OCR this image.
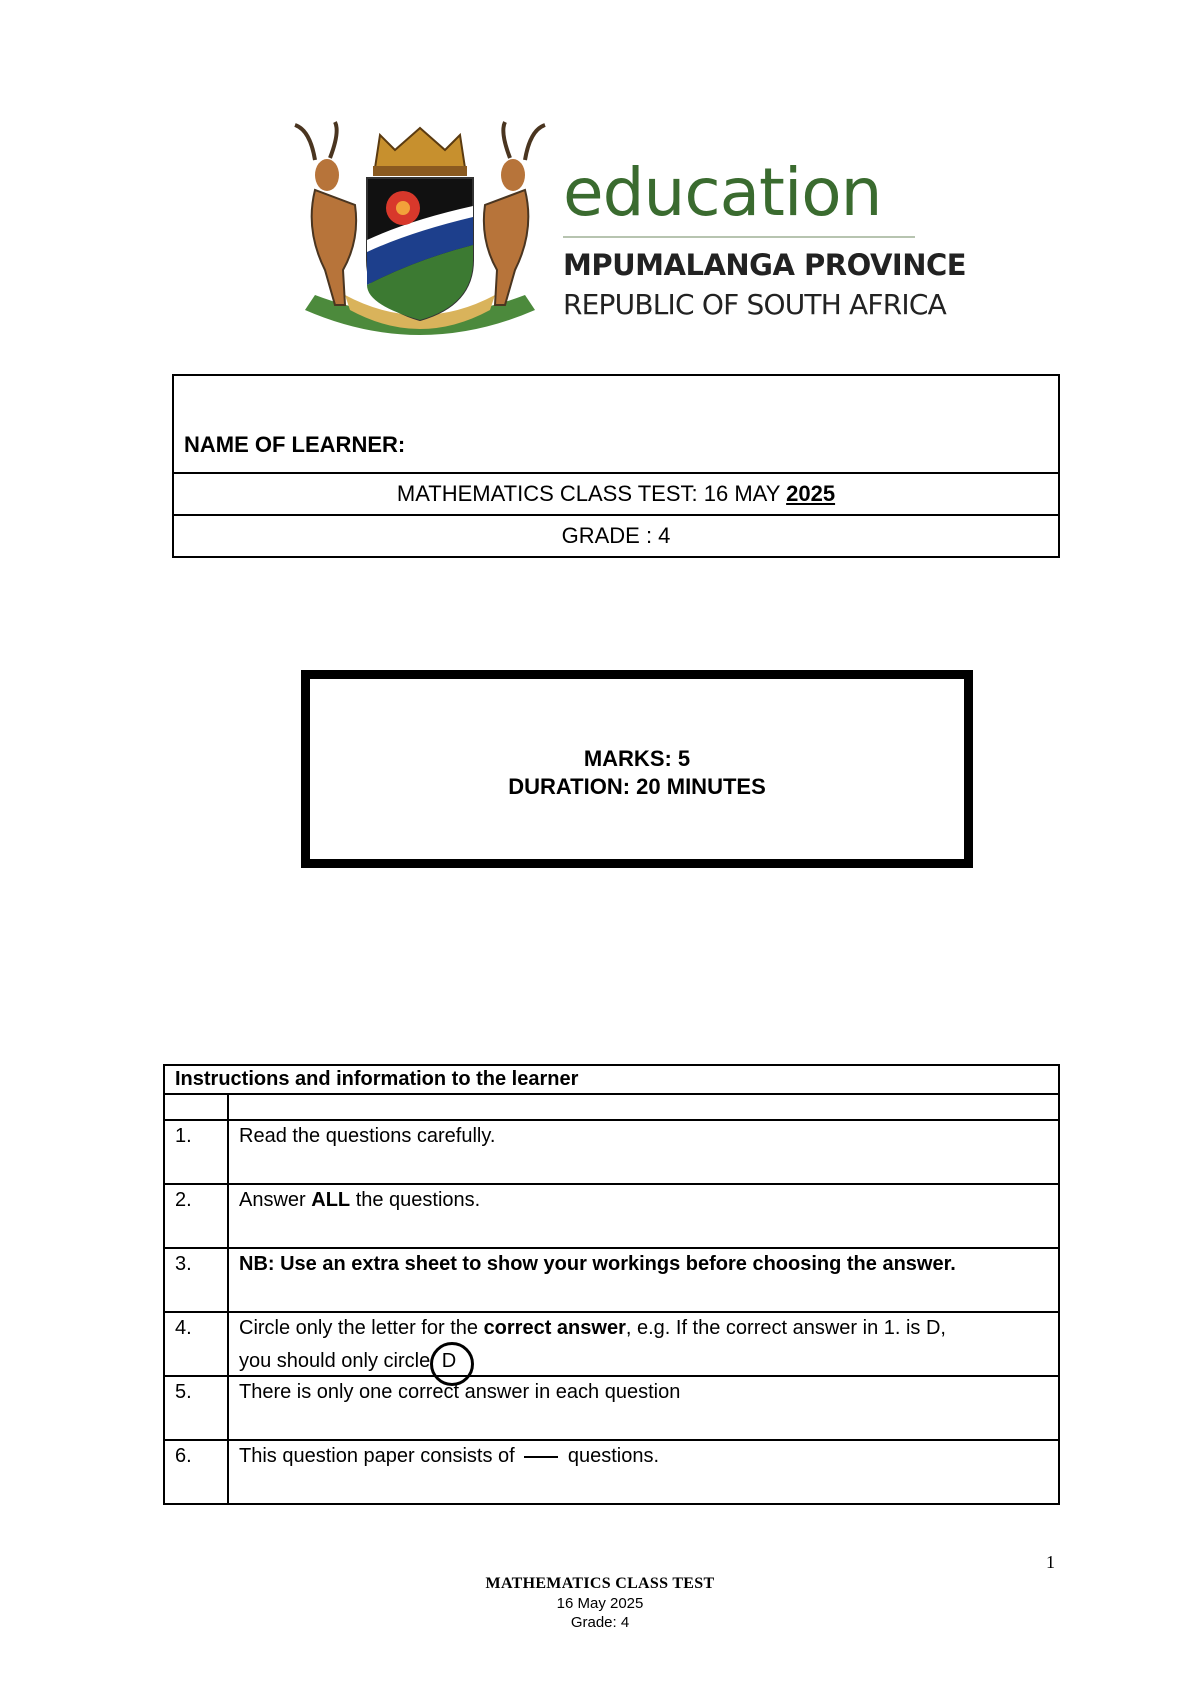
education
MPUMALANGA PROVINCE
REPUBLIC OF SOUTH AFRICA
NAME OF LEARNER:
MATHEMATICS CLASS TEST: 16 MAY 2025
GRADE : 4
MARKS: 5
DURATION: 20 MINUTES
Instructions and information to the learner	

1.	Read the questions carefully.
2.	Answer ALL the questions.
3.	NB: Use an extra sheet to show your workings before choosing the answer.
4.	Circle only the letter for the correct answer, e.g. If the correct answer in 1. is D,
you should only circle D

5.	There is only one correct answer in each question
6.	This question paper consists of  questions.
1
MATHEMATICS CLASS TEST
16 May 2025
Grade: 4
